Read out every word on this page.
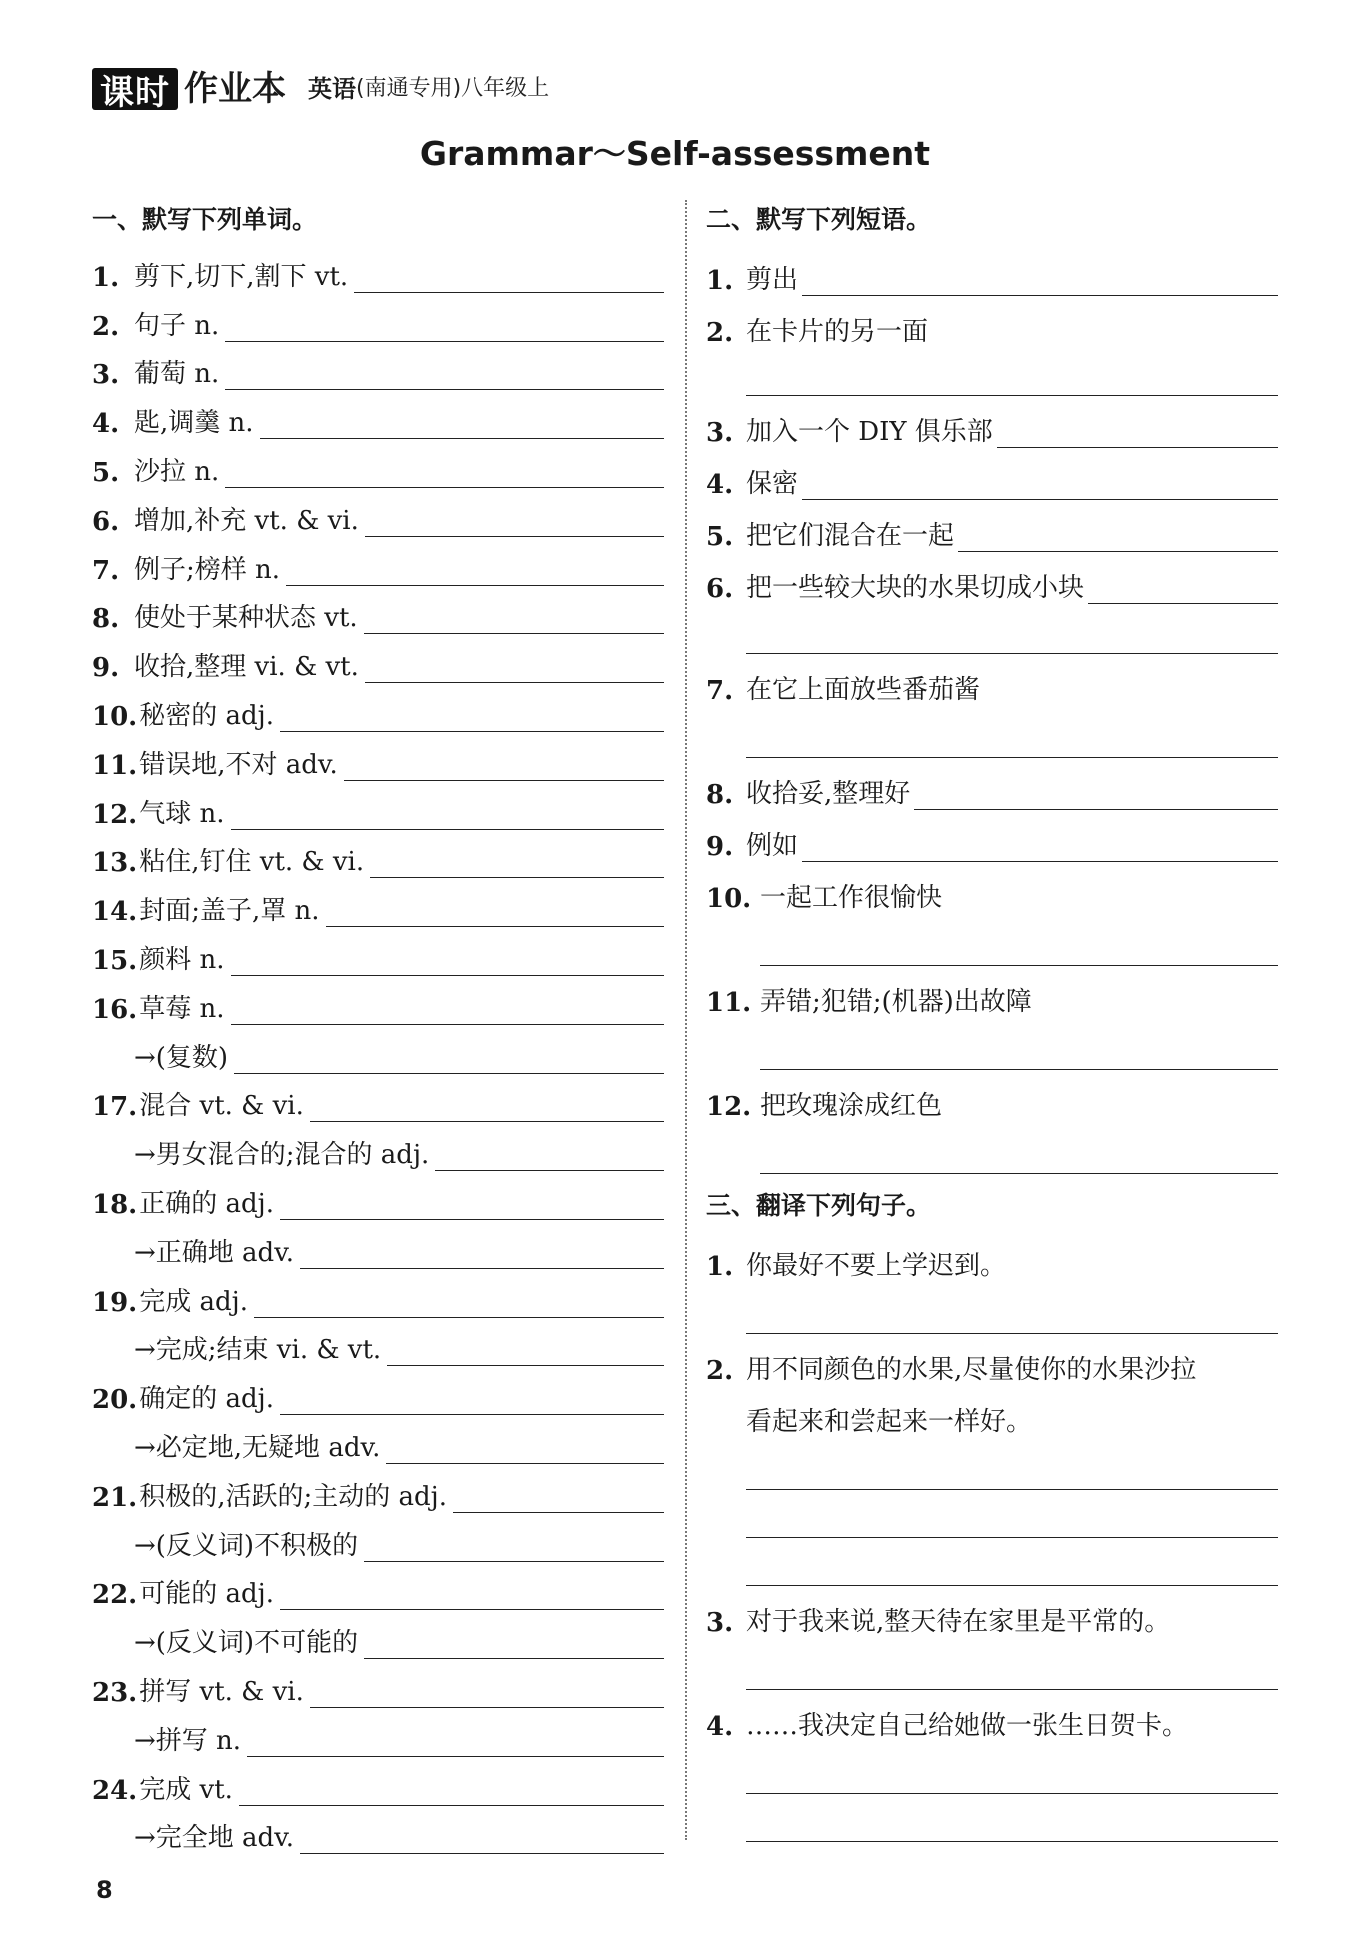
课时 作业本 英语 (南通专用)八年级上
Grammar～Self-assessment
一、默写下列单词。
1. 剪下,切下,割下 vt.
2. 句子 n.
3. 葡萄 n.
4. 匙,调羹 n.
5. 沙拉 n.
6. 增加,补充 vt. & vi.
7. 例子;榜样 n.
8. 使处于某种状态 vt.
9. 收拾,整理 vi. & vt.
10. 秘密的 adj.
11. 错误地,不对 adv.
12. 气球 n.
13. 粘住,钉住 vt. & vi.
14. 封面;盖子,罩 n.
15. 颜料 n.
16. 草莓 n.
→(复数)
17. 混合 vt. & vi.
→男女混合的;混合的 adj.
18. 正确的 adj.
→正确地 adv.
19. 完成 adj.
→完成;结束 vi. & vt.
20. 确定的 adj.
→必定地,无疑地 adv.
21. 积极的,活跃的;主动的 adj.
→(反义词)不积极的
22. 可能的 adj.
→(反义词)不可能的
23. 拼写 vt. & vi.
→拼写 n.
24. 完成 vt.
→完全地 adv.
二、默写下列短语。
1. 剪出
2. 在卡片的另一面
3. 加入一个 DIY 俱乐部
4. 保密
5. 把它们混合在一起
6. 把一些较大块的水果切成小块
7. 在它上面放些番茄酱
8. 收拾妥,整理好
9. 例如
10. 一起工作很愉快
11. 弄错;犯错;(机器)出故障
12. 把玫瑰涂成红色
三、翻译下列句子。
1. 你最好不要上学迟到。
2. 用不同颜色的水果,尽量使你的水果沙拉
看起来和尝起来一样好。
3. 对于我来说,整天待在家里是平常的。
4. ……我决定自己给她做一张生日贺卡。
8
